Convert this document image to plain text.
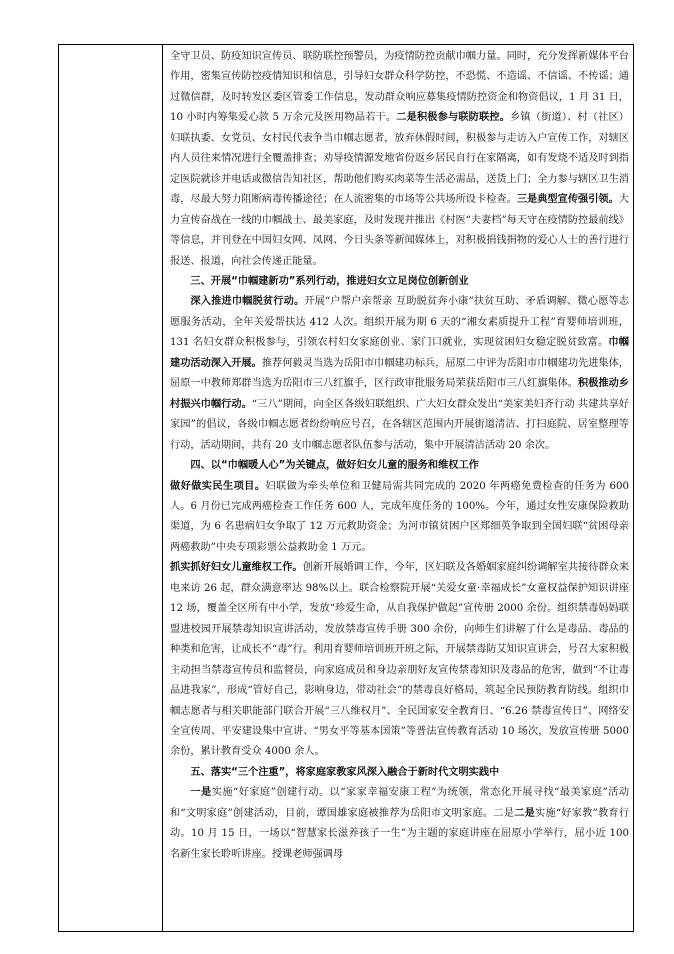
全守卫员、防疫知识宣传员、联防联控预警员，为疫情防控贡献巾帼力量。同时，充分发挥新媒体平台作用，密集宣传防控疫情知识和信息，引导妇女群众科学防控，不恐慌、不造谣、不信谣、不传谣；通过微信群，及时转发区委区管委工作信息，发动群众响应募集疫情防控资金和物资倡议，1 月 31 日，10 小时内筹集爱心款 5 万余元及医用物品若干。二是积极参与联防联控。乡镇（街道）、村（社区）妇联执委、女党员、女村民代表争当巾帼志愿者，放弃休假时间，积极参与走访入户宣传工作，对辖区内人员往来情况进行全覆盖排查；劝导疫情源发地省份返乡居民自行在家隔离，如有发烧不适及时到指定医院就诊并电话或微信告知社区，帮助他们购买肉菜等生活必需品，送货上门；全力参与辖区卫生消毒，尽最大努力阻断病毒传播途径；在人流密集的市场等公共场所设卡检查。三是典型宣传强引领。大力宣传奋战在一线的巾帼战士、最美家庭，及时发现并推出《村医“夫妻档”每天守在疫情防控最前线》等信息，并刊登在中国妇女网、凤网、今日头条等新闻媒体上，对积极捐钱捐物的爱心人士的善行进行报送、报道，向社会传递正能量。

三、开展“巾帼建新功”系列行动，推进妇女立足岗位创新创业

深入推进巾帼脱贫行动。开展“户帮户亲帮亲 互助脱贫奔小康”扶贫互助、矛盾调解、微心愿等志愿服务活动，全年关爱帮扶达 412 人次。组织开展为期 6 天的“湘女素质提升工程”育婴师培训班，131 名妇女群众积极参与，引领农村妇女家庭创业、家门口就业，实现贫困妇女稳定脱贫致富。巾帼建功活动深入开展。推荐何毅灵当选为岳阳市巾帼建功标兵，屈原二中评为岳阳市巾帼建功先进集体，屈原一中教师郑群当选为岳阳市三八红旗手，区行政审批服务局荣获岳阳市三八红旗集体。积极推动乡村振兴巾帼行动。“三八”期间，向全区各级妇联组织、广大妇女群众发出“美家美妇齐行动 共建共享好家园”的倡议，各级巾帼志愿者纷纷响应号召，在各辖区范围内开展街道清洁、打扫庭院、居室整理等行动，活动期间，共有 20 支巾帼志愿者队伍参与活动，集中开展清洁活动 20 余次。

四、以“巾帼暖人心”为关键点，做好妇女儿童的服务和维权工作

做好做实民生项目。妇联做为牵头单位和卫健局需共同完成的 2020 年两癌免费检查的任务为 600 人。6 月份已完成两癌检查工作任务 600 人，完成年度任务的 100%。今年，通过女性安康保险救助渠道，为 6 名患病妇女争取了 12 万元救助资金；为河市镇贫困户区郑细英争取到全国妇联“贫困母亲两癌救助”中央专项彩票公益救助金 1 万元。

抓实抓好妇女儿童维权工作。创新开展婚调工作，今年，区妇联及各婚姻家庭纠纷调解室共接待群众来电来访 26 起，群众满意率达 98%以上。联合检察院开展“关爱女童·幸福成长”女童权益保护知识讲座 12 场，覆盖全区所有中小学，发放“珍爱生命，从自我保护做起”宣传册 2000 余份。组织禁毒妈妈联盟进校园开展禁毒知识宣讲活动，发放禁毒宣传手册 300 余份，向师生们讲解了什么是毒品、毒品的种类和危害，让成长不“毒”行。利用育婴师培训班开班之际，开展禁毒防艾知识宣讲会，号召大家积极主动担当禁毒宣传员和监督员，向家庭成员和身边亲朋好友宣传禁毒知识及毒品的危害，做到“不让毒品进我家”，形成“管好自己，影响身边，带动社会”的禁毒良好格局，筑起全民预防教育防线。组织巾帼志愿者与相关职能部门联合开展“三八维权月”、全民国家安全教育日、“6.26 禁毒宣传日”、网络安全宣传周、平安建设集中宣讲、“男女平等基本国策”等普法宣传教育活动 10 场次，发放宣传册 5000 余份，累计教育受众 4000 余人。

五、落实“三个注重”，将家庭家教家风深入融合于新时代文明实践中

一是实施“好家庭”创建行动。以“家家幸福安康工程”为统领，常态化开展寻找“最美家庭”活动和“文明家庭”创建活动，目前，谭国雄家庭被推荐为岳阳市文明家庭。二是二是实施“好家教”教育行动。10 月 15 日，一场以“智慧家长滋养孩子一生”为主题的家庭讲座在屈原小学举行，屈小近 100 名新生家长聆听讲座。授课老师强调母
